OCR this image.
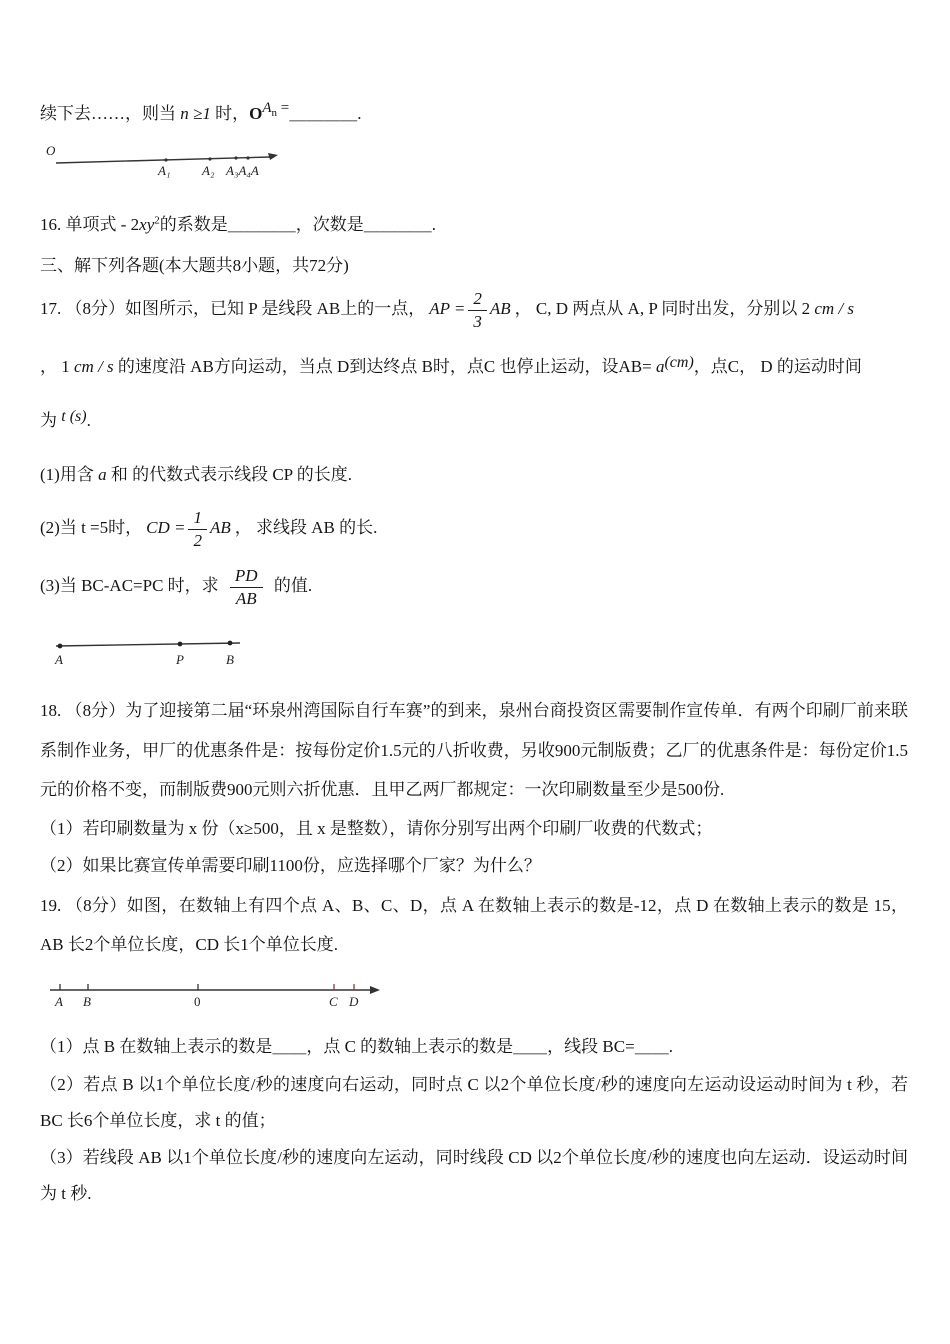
续下去……，则当 n ≥1 时，$OA_n$ =＿＿＿＿.

O
A₁ A₂ A₃A₄A

16. 单项式 - $2xy^2$的系数是＿＿＿＿，次数是＿＿＿＿.

三、解下列各题(本大题共8小题，共72分)

17. （8分）如图所示，已知 P 是线段 AB上的一点， AP = $\frac{2}{3}$ AB ， C, D 两点从 A, P 同时出发，分别以 2 cm / s

， 1 cm / s 的速度沿 AB方向运动，当点 D到达终点 B时，点C 也停止运动，设AB= a(cm)，点C， D 的运动时间

为 t (s).

(1)用含 a 和 的代数式表示线段 CP 的长度.

(2)当 t =5时， CD = $\frac{1}{2}$ AB ， 求线段 AB 的长.

(3)当 BC-AC=PC 时，求 $\frac{PD}{AB}$ 的值.

A	P	B

18. （8分）为了迎接第二届“环泉州湾国际自行车赛”的到来，泉州台商投资区需要制作宣传单．有两个印刷厂前来联系制作业务，甲厂的优惠条件是：按每份定价1.5元的八折收费，另收900元制版费；乙厂的优惠条件是：每份定价1.5元的价格不变，而制版费900元则六折优惠．且甲乙两厂都规定：一次印刷数量至少是500份.

（1）若印刷数量为 x 份（x≥500，且 x 是整数），请你分别写出两个印刷厂收费的代数式；

（2）如果比赛宣传单需要印刷1100份，应选择哪个厂家？为什么？

19. （8分）如图，在数轴上有四个点 A、B、C、D，点 A 在数轴上表示的数是-12，点 D 在数轴上表示的数是 15，AB 长2个单位长度，CD 长1个单位长度.

A B	0	C D

（1）点 B 在数轴上表示的数是＿＿，点 C 的数轴上表示的数是＿＿，线段 BC=＿＿.

（2）若点 B 以1个单位长度/秒的速度向右运动，同时点 C 以2个单位长度/秒的速度向左运动设运动时间为 t 秒，若 BC 长6个单位长度，求 t 的值；

（3）若线段 AB 以1个单位长度/秒的速度向左运动，同时线段 CD 以2个单位长度/秒的速度也向左运动．设运动时间为 t 秒.
